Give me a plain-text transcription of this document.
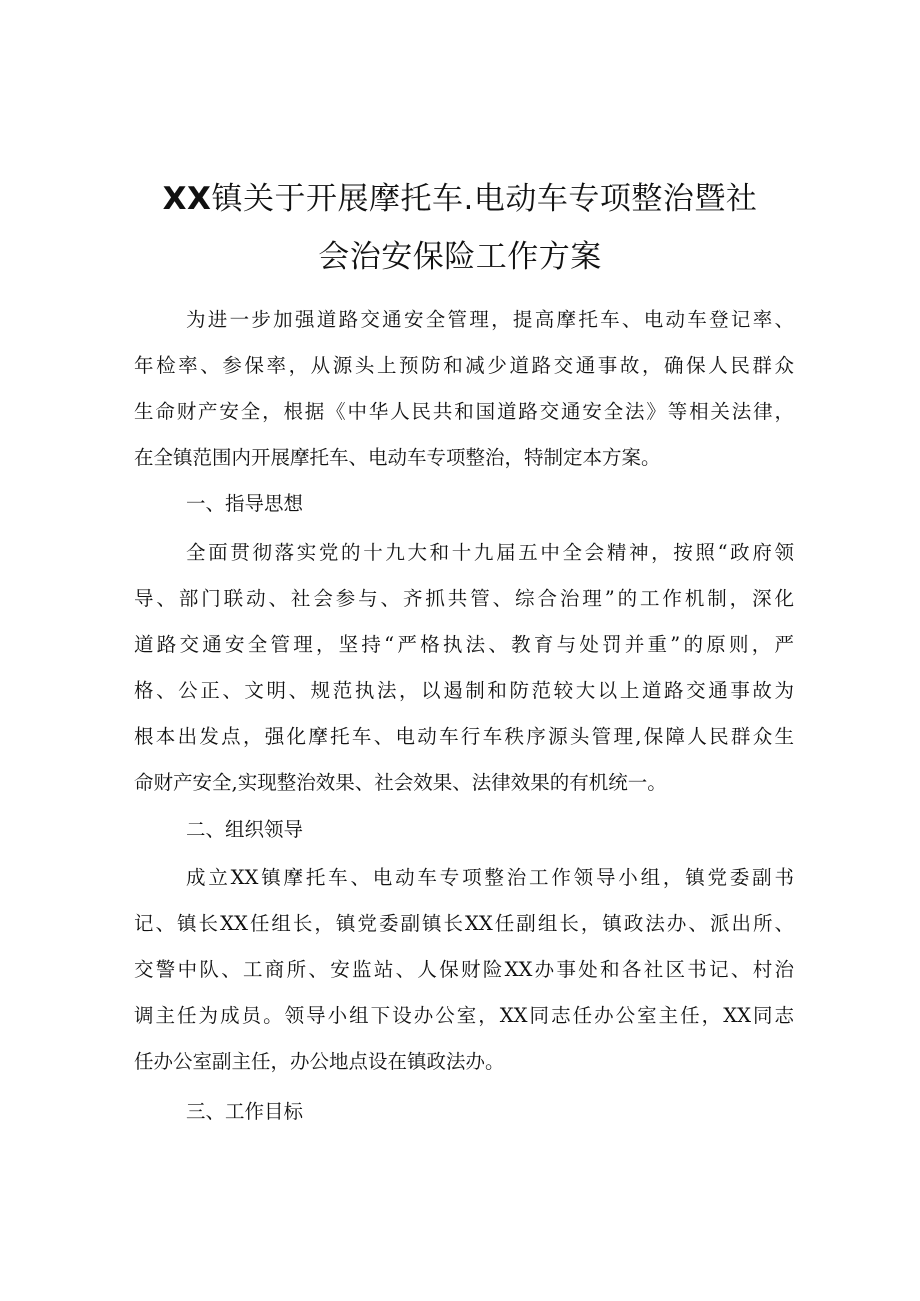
XX镇关于开展摩托车.电动车专项整治暨社
会治安保险工作方案
为进一步加强道路交通安全管理，提高摩托车、电动车登记率、
年检率、参保率，从源头上预防和减少道路交通事故，确保人民群众
生命财产安全，根据《中华人民共和国道路交通安全法》等相关法律，
在全镇范围内开展摩托车、电动车专项整治，特制定本方案。
一、指导思想
全面贯彻落实党的十九大和十九届五中全会精神，按照“政府领
导、部门联动、社会参与、齐抓共管、综合治理”的工作机制，深化
道路交通安全管理，坚持“严格执法、教育与处罚并重”的原则，严
格、公正、文明、规范执法，以遏制和防范较大以上道路交通事故为
根本出发点，强化摩托车、电动车行车秩序源头管理,保障人民群众生
命财产安全,实现整治效果、社会效果、法律效果的有机统一。
二、组织领导
成立XX镇摩托车、电动车专项整治工作领导小组，镇党委副书
记、镇长XX任组长，镇党委副镇长XX任副组长，镇政法办、派出所、
交警中队、工商所、安监站、人保财险XX办事处和各社区书记、村治
调主任为成员。领导小组下设办公室，XX同志任办公室主任，XX同志
任办公室副主任，办公地点设在镇政法办。
三、工作目标
